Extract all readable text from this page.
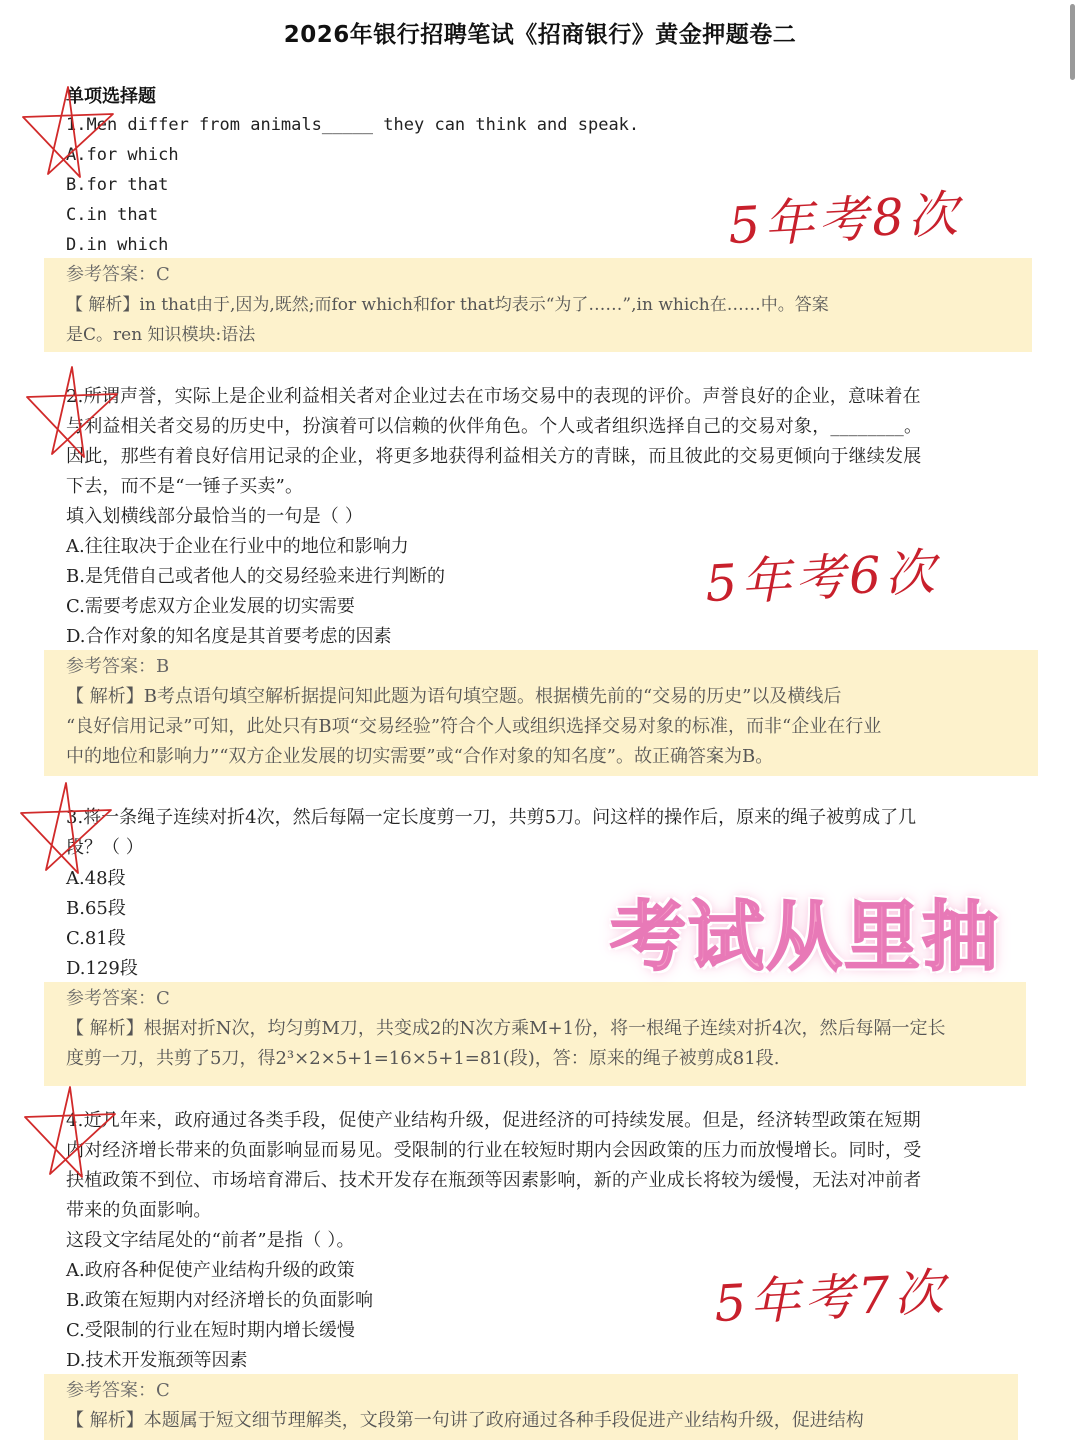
2026年银行招聘笔试《招商银行》黄金押题卷二
单项选择题
1.Men differ from animals_____ they can think and speak.
A.for which
B.for that
C.in that
D.in which
参考答案：C
【 解析】in that由于,因为,既然;而for which和for that均表示“为了……”,in which在……中。答案
是C。ren 知识模块:语法
5年考8次
2.所谓声誉，实际上是企业利益相关者对企业过去在市场交易中的表现的评价。声誉良好的企业，意味着在
与利益相关者交易的历史中，扮演着可以信赖的伙伴角色。个人或者组织选择自己的交易对象，________。
因此，那些有着良好信用记录的企业，将更多地获得利益相关方的青睐，而且彼此的交易更倾向于继续发展
下去，而不是“一锤子买卖”。
填入划横线部分最恰当的一句是（ ）
A.往往取决于企业在行业中的地位和影响力
B.是凭借自己或者他人的交易经验来进行判断的
C.需要考虑双方企业发展的切实需要
D.合作对象的知名度是其首要考虑的因素
参考答案：B
【 解析】B考点语句填空解析据提问知此题为语句填空题。根据横先前的“交易的历史”以及横线后
“良好信用记录”可知，此处只有B项“交易经验”符合个人或组织选择交易对象的标准，而非“企业在行业
中的地位和影响力”“双方企业发展的切实需要”或“合作对象的知名度”。故正确答案为B。
5年考6次
3.将一条绳子连续对折4次，然后每隔一定长度剪一刀，共剪5刀。问这样的操作后，原来的绳子被剪成了几
段？（ ）
A.48段
B.65段
C.81段
D.129段
参考答案：C
【 解析】根据对折N次，均匀剪M刀，共变成2的N次方乘M+1份，将一根绳子连续对折4次，然后每隔一定长
度剪一刀，共剪了5刀，得2³×2×5+1=16×5+1=81(段)，答：原来的绳子被剪成81段.
考试从里抽
4.近几年来，政府通过各类手段，促使产业结构升级，促进经济的可持续发展。但是，经济转型政策在短期
内对经济增长带来的负面影响显而易见。受限制的行业在较短时期内会因政策的压力而放慢增长。同时，受
扶植政策不到位、市场培育滞后、技术开发存在瓶颈等因素影响，新的产业成长将较为缓慢，无法对冲前者
带来的负面影响。
这段文字结尾处的“前者”是指（ ）。
A.政府各种促使产业结构升级的政策
B.政策在短期内对经济增长的负面影响
C.受限制的行业在短时期内增长缓慢
D.技术开发瓶颈等因素
参考答案：C
【 解析】本题属于短文细节理解类，文段第一句讲了政府通过各种手段促进产业结构升级，促进结构
5年考7次
